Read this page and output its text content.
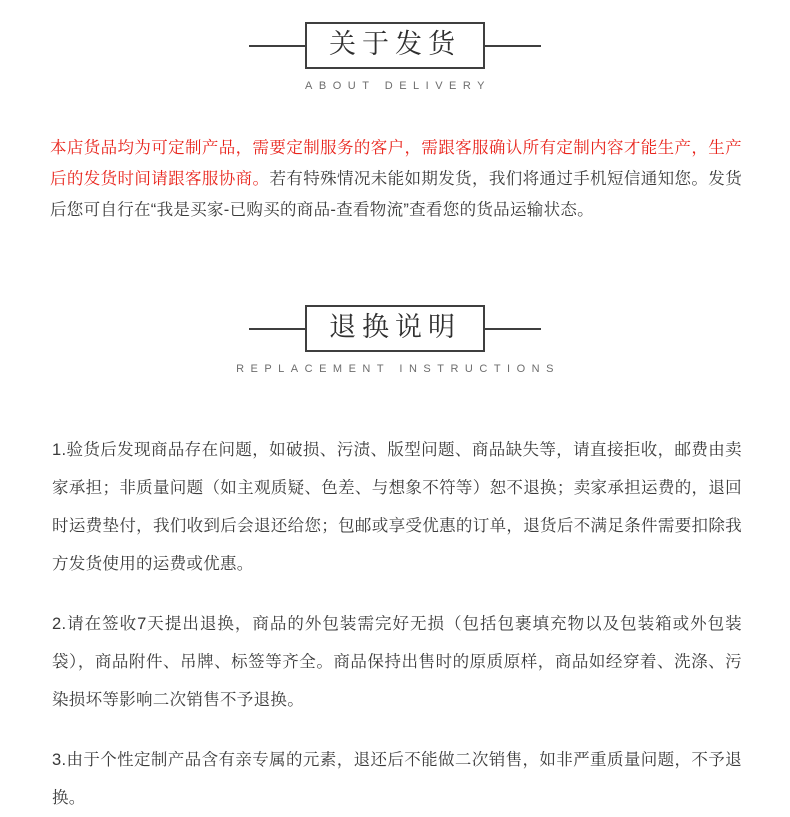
关于发货
ABOUT DELIVERY

本店货品均为可定制产品，需要定制服务的客户，需跟客服确认所有定制内容才能生产，生产后的发货时间请跟客服协商。若有特殊情况未能如期发货，我们将通过手机短信通知您。发货后您可自行在“我是买家-已购买的商品-查看物流”查看您的货品运输状态。

退换说明
REPLACEMENT INSTRUCTIONS

1.验货后发现商品存在问题，如破损、污渍、版型问题、商品缺失等，请直接拒收，邮费由卖家承担；非质量问题（如主观质疑、色差、与想象不符等）恕不退换；卖家承担运费的，退回时运费垫付，我们收到后会退还给您；包邮或享受优惠的订单，退货后不满足条件需要扣除我方发货使用的运费或优惠。

2.请在签收7天提出退换，商品的外包装需完好无损（包括包裹填充物以及包装箱或外包装袋），商品附件、吊牌、标签等齐全。商品保持出售时的原质原样，商品如经穿着、洗涤、污染损坏等影响二次销售不予退换。

3.由于个性定制产品含有亲专属的元素，退还后不能做二次销售，如非严重质量问题，不予退换。
